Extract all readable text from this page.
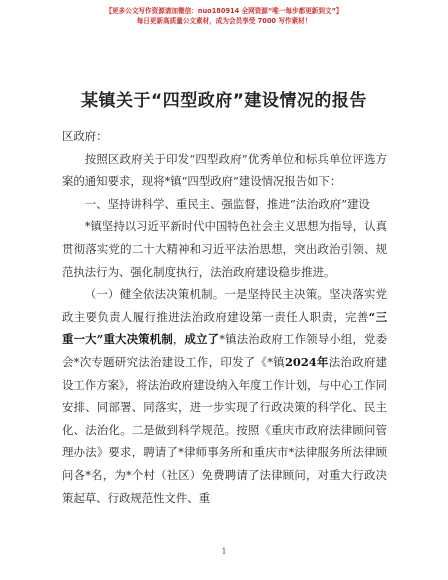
【更多公文写作资源请加微信：nuo180914 全网资源“唯一每步都更新到文”】
每日更新高质量公文素材，成为会员享受 7000 写作素材！
某镇关于“四型政府”建设情况的报告

区政府：

按照区政府关于印发“四型政府”优秀单位和标兵单位评选方案的通知要求，现将*镇“四型政府”建设情况报告如下：

一、坚持讲科学、重民主、强监督，推进“法治政府”建设

*镇坚持以习近平新时代中国特色社会主义思想为指导，认真贯彻落实党的二十大精神和习近平法治思想，突出政治引领、规范执法行为、强化制度执行，法治政府建设稳步推进。

（一）健全依法决策机制。一是坚持民主决策。坚决落实党政主要负责人履行推进法治政府建设第一责任人职责，完善“三重一大”重大决策机制，成立了*镇法治政府工作领导小组，党委会*次专题研究法治建设工作，印发了《*镇2024年法治政府建设工作方案》，将法治政府建设纳入年度工作计划，与中心工作同安排、同部署、同落实，进一步实现了行政决策的科学化、民主化、法治化。二是做到科学规范。按照《重庆市政府法律顾问管理办法》要求，聘请了*律师事务所和重庆市*法律服务所法律顾问各*名，为*个村（社区）免费聘请了法律顾问，对重大行政决策起草、行政规范性文件、重

1
